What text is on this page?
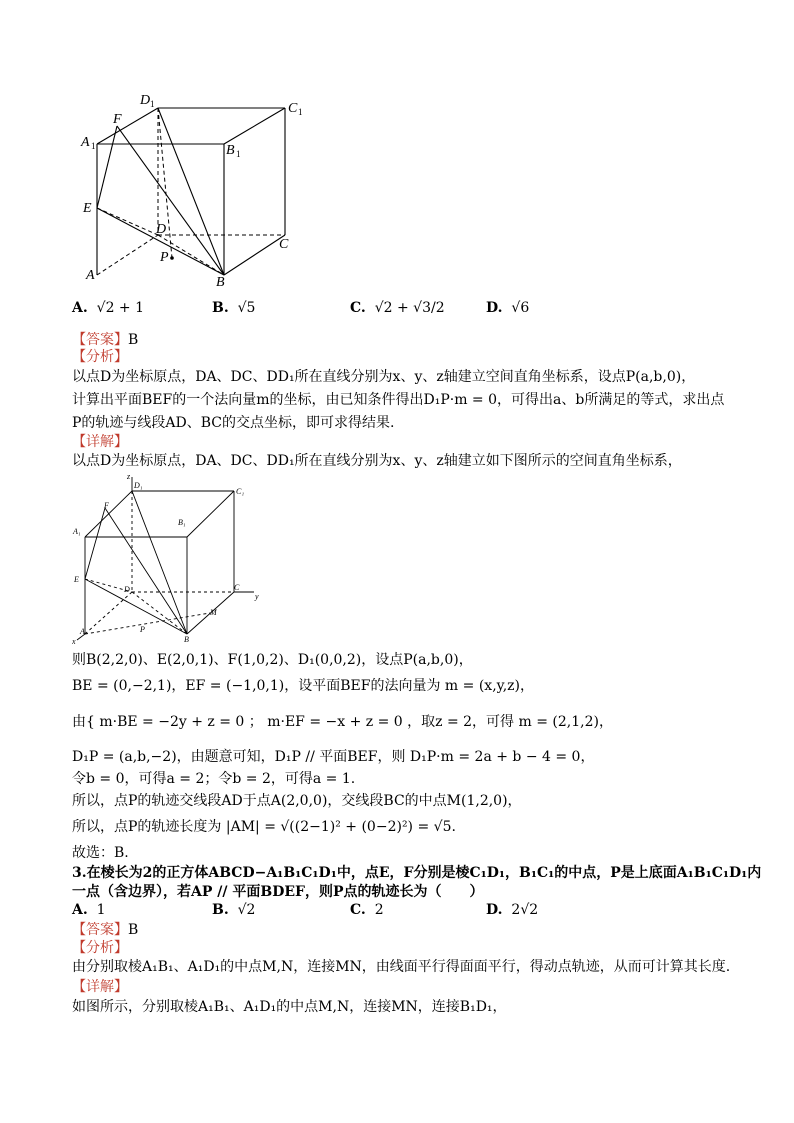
D 1	C 1
A 1	B 1
F
E
D
C
P
A	B
A. √2 + 1	B. √5	C. √2 + √3/2	D. √6
【答案】B
【分析】
以点D为坐标原点，DA、DC、DD₁所在直线分别为x、y、z轴建立空间直角坐标系，设点P(a,b,0)，
计算出平面BEF的一个法向量m的坐标，由已知条件得出D₁P·m = 0，可得出a、b所满足的等式，求出点
P的轨迹与线段AD、BC的交点坐标，即可求得结果.
【详解】
以点D为坐标原点，DA、DC、DD₁所在直线分别为x、y、z轴建立如下图所示的空间直角坐标系，
z
D₁
C₁
A₁
B₁
F
E
D	C
y
M
A	P
B
x
则B(2,2,0)、E(2,0,1)、F(1,0,2)、D₁(0,0,2)，设点P(a,b,0)，
BE = (0,−2,1)，EF = (−1,0,1)，设平面BEF的法向量为 m = (x,y,z)，
由{ m·BE = −2y + z = 0 ； m·EF = −x + z = 0 ，取z = 2，可得 m = (2,1,2)，
D₁P = (a,b,−2)，由题意可知，D₁P // 平面BEF，则 D₁P·m = 2a + b − 4 = 0，
令b = 0，可得a = 2；令b = 2，可得a = 1.
所以，点P的轨迹交线段AD于点A(2,0,0)，交线段BC的中点M(1,2,0)，
所以，点P的轨迹长度为 |AM| = √((2−1)² + (0−2)²) = √5.
故选：B.
3.在棱长为2的正方体ABCD−A₁B₁C₁D₁中，点E，F分别是棱C₁D₁，B₁C₁的中点，P是上底面A₁B₁C₁D₁内
一点（含边界），若AP // 平面BDEF，则P点的轨迹长为（　　）
A. 1	B. √2	C. 2	D. 2√2
【答案】B
【分析】
由分别取棱A₁B₁、A₁D₁的中点M,N，连接MN，由线面平行得面面平行，得动点轨迹，从而可计算其长度.
【详解】
如图所示，分别取棱A₁B₁、A₁D₁的中点M,N，连接MN，连接B₁D₁，
